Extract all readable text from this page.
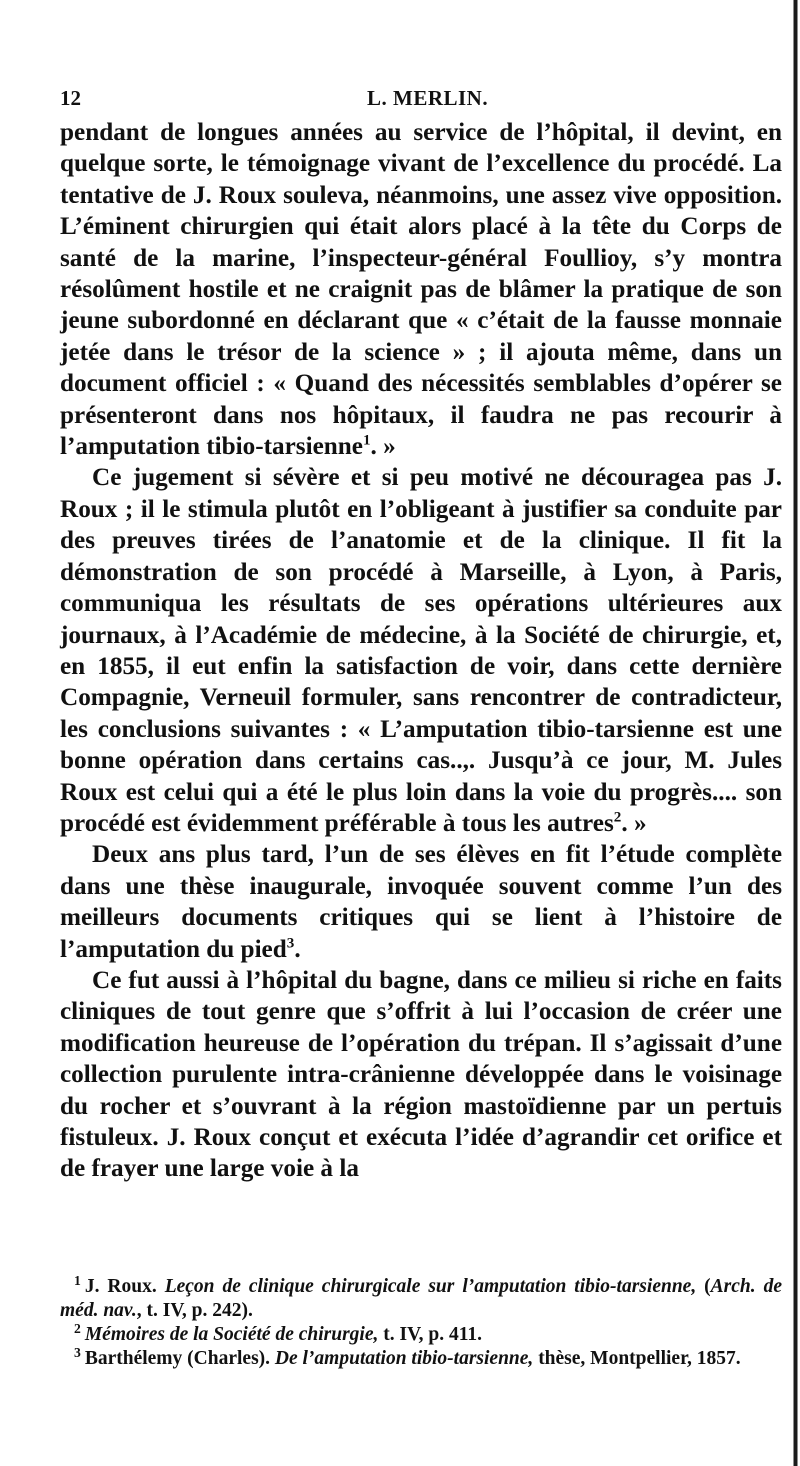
12	L. MERLIN.

pendant de longues années au service de l’hôpital, il devint, en quelque sorte, le témoignage vivant de l’excellence du procédé. La tentative de J. Roux souleva, néanmoins, une assez vive opposition. L’éminent chirurgien qui était alors placé à la tête du Corps de santé de la marine, l’inspecteur-général Foullioy, s’y montra résolûment hostile et ne craignit pas de blâmer la pratique de son jeune subordonné en déclarant que « c’était de la fausse monnaie jetée dans le trésor de la science » ; il ajouta même, dans un document officiel : « Quand des nécessités semblables d’opérer se présenteront dans nos hôpitaux, il faudra ne pas recourir à l’amputation tibio-tarsienne$^1$. »

Ce jugement si sévère et si peu motivé ne découragea pas J. Roux ; il le stimula plutôt en l’obligeant à justifier sa conduite par des preuves tirées de l’anatomie et de la clinique. Il fit la démonstration de son procédé à Marseille, à Lyon, à Paris, communiqua les résultats de ses opérations ultérieures aux journaux, à l’Académie de médecine, à la Société de chirurgie, et, en 1855, il eut enfin la satisfaction de voir, dans cette dernière Compagnie, Verneuil formuler, sans rencontrer de contradicteur, les conclusions suivantes : « L’amputation tibio-tarsienne est une bonne opération dans certains cas..,. Jusqu’à ce jour, M. Jules Roux est celui qui a été le plus loin dans la voie du progrès.... son procédé est évidemment préférable à tous les autres$^2$. »

Deux ans plus tard, l’un de ses élèves en fit l’étude complète dans une thèse inaugurale, invoquée souvent comme l’un des meilleurs documents critiques qui se lient à l’histoire de l’amputation du pied$^3$.

Ce fut aussi à l’hôpital du bagne, dans ce milieu si riche en faits cliniques de tout genre que s’offrit à lui l’occasion de créer une modification heureuse de l’opération du trépan. Il s’agissait d’une collection purulente intra-crânienne développée dans le voisinage du rocher et s’ouvrant à la région mastoïdienne par un pertuis fistuleux. J. Roux conçut et exécuta l’idée d’agrandir cet orifice et de frayer une large voie à la

$^1$ J. Roux. Leçon de clinique chirurgicale sur l’amputation tibio-tarsienne, (Arch. de méd. nav., t. IV, p. 242).

$^2$ Mémoires de la Société de chirurgie, t. IV, p. 411.

$^3$ Barthélemy (Charles). De l’amputation tibio-tarsienne, thèse, Montpellier, 1857.
